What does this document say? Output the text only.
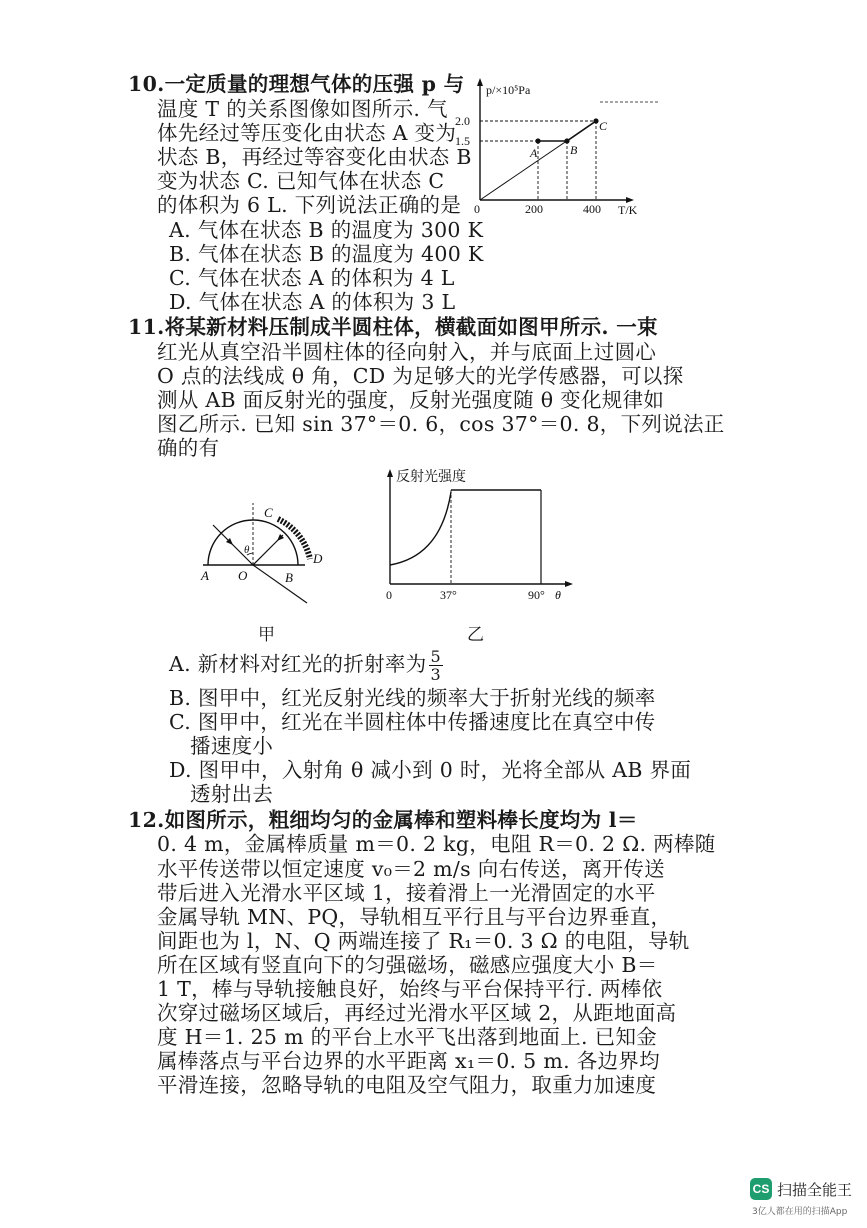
10.一定质量的理想气体的压强 p 与
温度 T 的关系图像如图所示. 气
体先经过等压变化由状态 A 变为
状态 B，再经过等容变化由状态 B
变为状态 C. 已知气体在状态 C
的体积为 6 L. 下列说法正确的是
A. 气体在状态 B 的温度为 300 K
B. 气体在状态 B 的温度为 400 K
C. 气体在状态 A 的体积为 4 L
D. 气体在状态 A 的体积为 3 L
p/×10⁵Pa
T/K
0
2.0
1.5
200	400
A	B
C
11.将某新材料压制成半圆柱体，横截面如图甲所示. 一束
红光从真空沿半圆柱体的径向射入，并与底面上过圆心
O 点的法线成 θ 角，CD 为足够大的光学传感器，可以探
测从 AB 面反射光的强度，反射光强度随 θ 变化规律如
图乙所示. 已知 sin 37°＝0. 6，cos 37°＝0. 8，下列说法正
确的有
C
θ
D
A O	B
甲
反射光强度
0	37°	90° θ
乙
A. 新材料对红光的折射率为 $\frac{5}{3}$
B. 图甲中，红光反射光线的频率大于折射光线的频率
C. 图甲中，红光在半圆柱体中传播速度比在真空中传
播速度小
D. 图甲中，入射角 θ 减小到 0 时，光将全部从 AB 界面
透射出去
12.如图所示，粗细均匀的金属棒和塑料棒长度均为 l＝
0. 4 m，金属棒质量 m＝0. 2 kg，电阻 R＝0. 2 Ω. 两棒随
水平传送带以恒定速度 v₀＝2 m/s 向右传送，离开传送
带后进入光滑水平区域 1，接着滑上一光滑固定的水平
金属导轨 MN、PQ，导轨相互平行且与平台边界垂直，
间距也为 l，N、Q 两端连接了 R₁＝0. 3 Ω 的电阻，导轨
所在区域有竖直向下的匀强磁场，磁感应强度大小 B＝
1 T，棒与导轨接触良好，始终与平台保持平行. 两棒依
次穿过磁场区域后，再经过光滑水平区域 2，从距地面高
度 H＝1. 25 m 的平台上水平飞出落到地面上. 已知金
属棒落点与平台边界的水平距离 x₁＝0. 5 m. 各边界均
平滑连接，忽略导轨的电阻及空气阻力，取重力加速度
CS 扫描全能王
3亿人都在用的扫描App
